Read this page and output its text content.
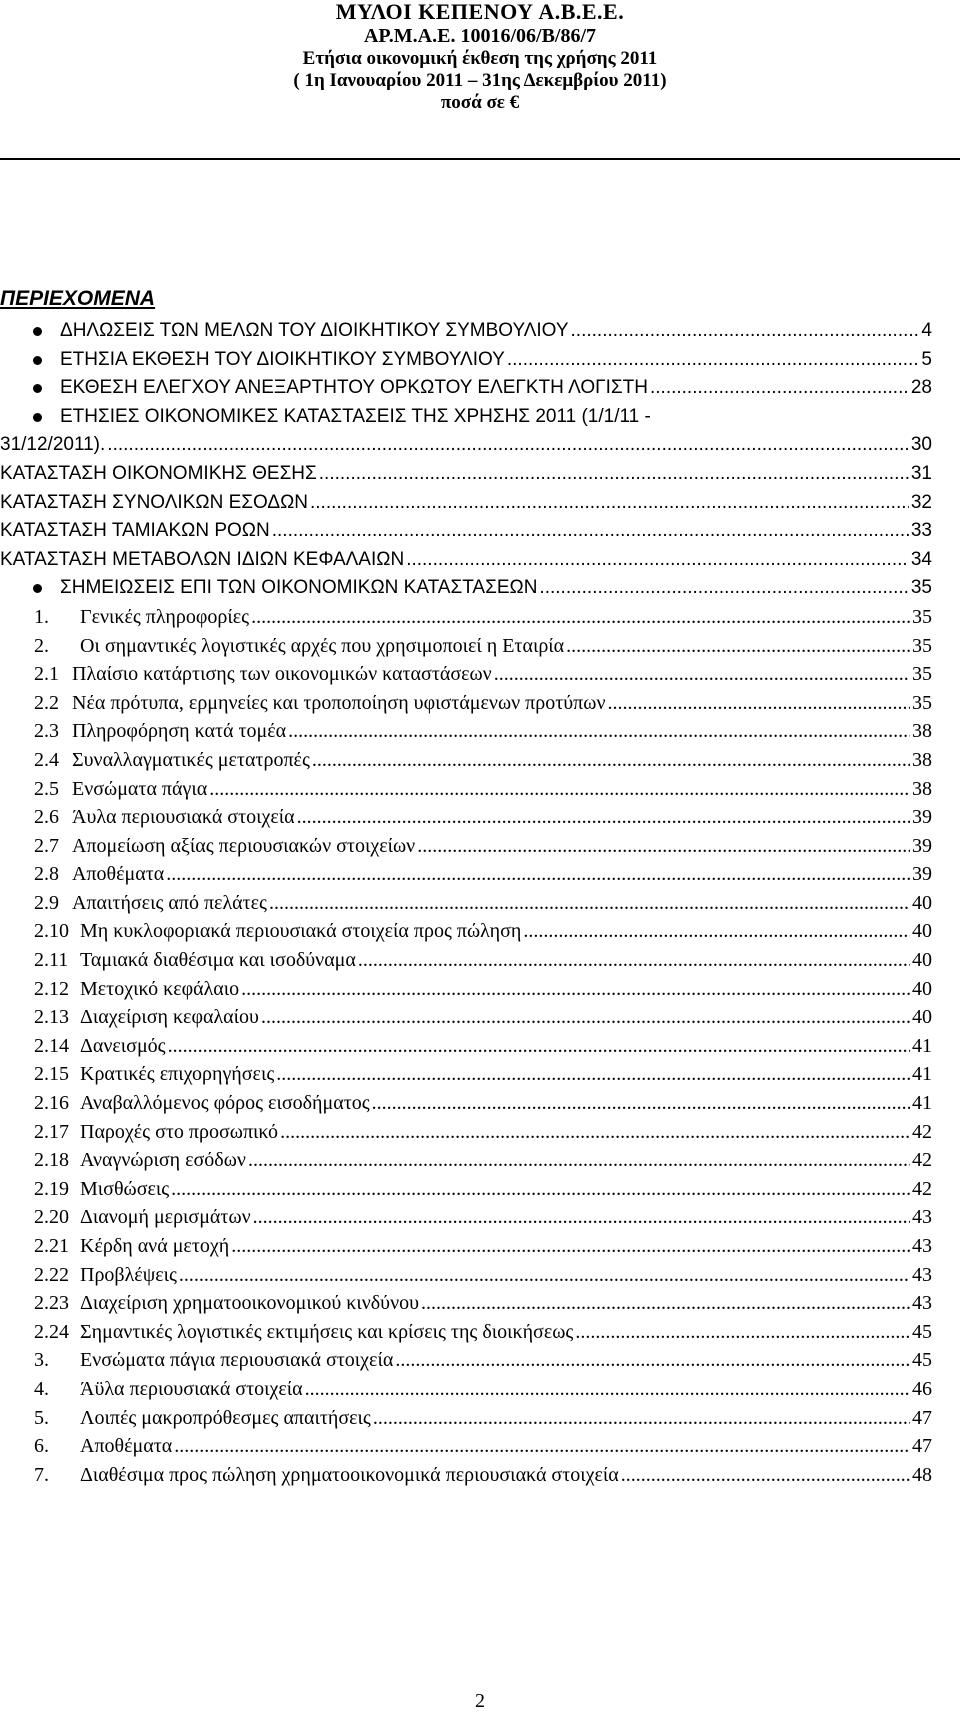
ΜΥΛΟΙ ΚΕΠΕΝΟΥ Α.Β.Ε.Ε.
ΑΡ.Μ.Α.Ε. 10016/06/Β/86/7
Ετήσια οικονομική έκθεση της χρήσης 2011
( 1η Ιανουαρίου 2011 – 31ης Δεκεμβρίου 2011)
ποσά σε €
ΠΕΡΙΕΧΟΜΕΝΑ
ΔΗΛΩΣΕΙΣ ΤΩΝ ΜΕΛΩΝ ΤΟΥ ΔΙΟΙΚΗΤΙΚΟΥ ΣΥΜΒΟΥΛΙΟΥ .....	4
ΕΤΗΣΙΑ ΕΚΘΕΣΗ ΤΟΥ ΔΙΟΙΚΗΤΙΚΟΥ ΣΥΜΒΟΥΛΙΟΥ .....	5
ΕΚΘΕΣΗ ΕΛΕΓΧΟΥ ΑΝΕΞΑΡΤΗΤΟΥ ΟΡΚΩΤΟΥ ΕΛΕΓΚΤΗ ΛΟΓΙΣΤΗ .....	28
ΕΤΗΣΙΕΣ ΟΙΚΟΝΟΜΙΚΕΣ ΚΑΤΑΣΤΑΣΕΙΣ ΤΗΣ ΧΡΗΣΗΣ 2011 (1/1/11 -
31/12/2011). .....	30
ΚΑΤΑΣΤΑΣΗ ΟΙΚΟΝΟΜΙΚΗΣ ΘΕΣΗΣ .....	31
ΚΑΤΑΣΤΑΣΗ ΣΥΝΟΛΙΚΩΝ ΕΣΟΔΩΝ .....	32
ΚΑΤΑΣΤΑΣΗ ΤΑΜΙΑΚΩΝ ΡΟΩΝ .....	33
ΚΑΤΑΣΤΑΣΗ ΜΕΤΑΒΟΛΩΝ ΙΔΙΩΝ ΚΕΦΑΛΑΙΩΝ .....	34
ΣΗΜΕΙΩΣΕΙΣ ΕΠΙ ΤΩΝ ΟΙΚΟΝΟΜΙΚΩΝ ΚΑΤΑΣΤΑΣΕΩΝ .....	35
1. Γενικές πληροφορίες .....	35
2. Οι σημαντικές λογιστικές αρχές που χρησιμοποιεί η Εταιρία .....	35
2.1 Πλαίσιο κατάρτισης των οικονομικών καταστάσεων .....	35
2.2 Νέα πρότυπα, ερμηνείες και τροποποίηση υφιστάμενων προτύπων .....	35
2.3 Πληροφόρηση κατά τομέα .....	38
2.4 Συναλλαγματικές μετατροπές .....	38
2.5 Ενσώματα πάγια .....	38
2.6 Άυλα περιουσιακά στοιχεία .....	39
2.7 Απομείωση αξίας περιουσιακών στοιχείων .....	39
2.8 Αποθέματα .....	39
2.9 Απαιτήσεις από πελάτες .....	40
2.10 Μη κυκλοφοριακά περιουσιακά στοιχεία προς πώληση .....	40
2.11 Ταμιακά διαθέσιμα και ισοδύναμα .....	40
2.12 Μετοχικό κεφάλαιο .....	40
2.13 Διαχείριση κεφαλαίου .....	40
2.14 Δανεισμός .....	41
2.15 Κρατικές επιχορηγήσεις .....	41
2.16 Αναβαλλόμενος φόρος εισοδήματος .....	41
2.17 Παροχές στο προσωπικό .....	42
2.18 Αναγνώριση εσόδων .....	42
2.19 Μισθώσεις .....	42
2.20 Διανομή μερισμάτων .....	43
2.21 Κέρδη ανά μετοχή .....	43
2.22 Προβλέψεις .....	43
2.23 Διαχείριση χρηματοοικονομικού κινδύνου .....	43
2.24 Σημαντικές λογιστικές εκτιμήσεις και κρίσεις της διοικήσεως .....	45
3. Ενσώματα πάγια περιουσιακά στοιχεία .....	45
4. Άϋλα περιουσιακά στοιχεία .....	46
5. Λοιπές μακροπρόθεσμες απαιτήσεις .....	47
6. Αποθέματα .....	47
7. Διαθέσιμα προς πώληση χρηματοοικονομικά περιουσιακά στοιχεία .....	48
2
